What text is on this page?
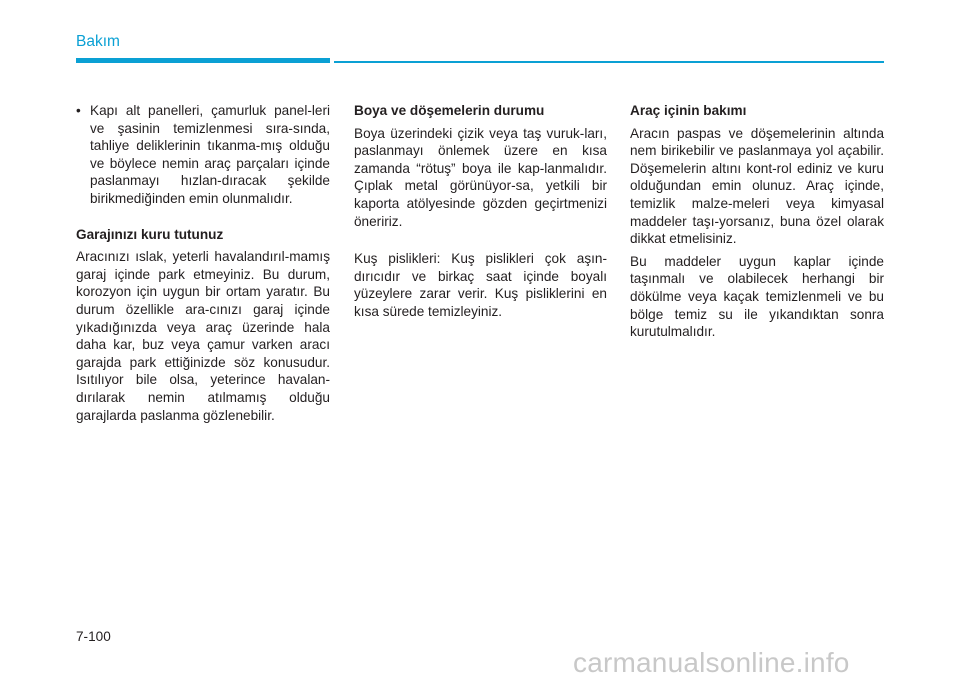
Bakım
• Kapı alt panelleri, çamurluk panel-leri ve şasinin temizlenmesi sıra-sında, tahliye deliklerinin tıkanma-mış olduğu ve böylece nemin araç parçaları içinde paslanmayı hızlan-dıracak şekilde birikmediğinden emin olunmalıdır.

Garajınızı kuru tutunuz

Aracınızı ıslak, yeterli havalandırıl-mamış garaj içinde park etmeyiniz. Bu durum, korozyon için uygun bir ortam yaratır. Bu durum özellikle ara-cınızı garaj içinde yıkadığınızda veya araç üzerinde hala daha kar, buz veya çamur varken aracı garajda park ettiğinizde söz konusudur. Isıtılıyor bile olsa, yeterince havalan-dırılarak nemin atılmamış olduğu garajlarda paslanma gözlenebilir.

Boya ve döşemelerin durumu

Boya üzerindeki çizik veya taş vuruk-ları, paslanmayı önlemek üzere en kısa zamanda “rötuş” boya ile kap-lanmalıdır. Çıplak metal görünüyor-sa, yetkili bir kaporta atölyesinde gözden geçirtmenizi öneririz.

Kuş pislikleri: Kuş pislikleri çok aşın-dırıcıdır ve birkaç saat içinde boyalı yüzeylere zarar verir. Kuş pisliklerini en kısa sürede temizleyiniz.

Araç içinin bakımı

Aracın paspas ve döşemelerinin altında nem birikebilir ve paslanmaya yol açabilir. Döşemelerin altını kont-rol ediniz ve kuru olduğundan emin olunuz. Araç içinde, temizlik malze-meleri veya kimyasal maddeler taşı-yorsanız, buna özel olarak dikkat etmelisiniz.

Bu maddeler uygun kaplar içinde taşınmalı ve olabilecek herhangi bir dökülme veya kaçak temizlenmeli ve bu bölge temiz su ile yıkandıktan sonra kurutulmalıdır.

7-100
carmanualsonline.info
